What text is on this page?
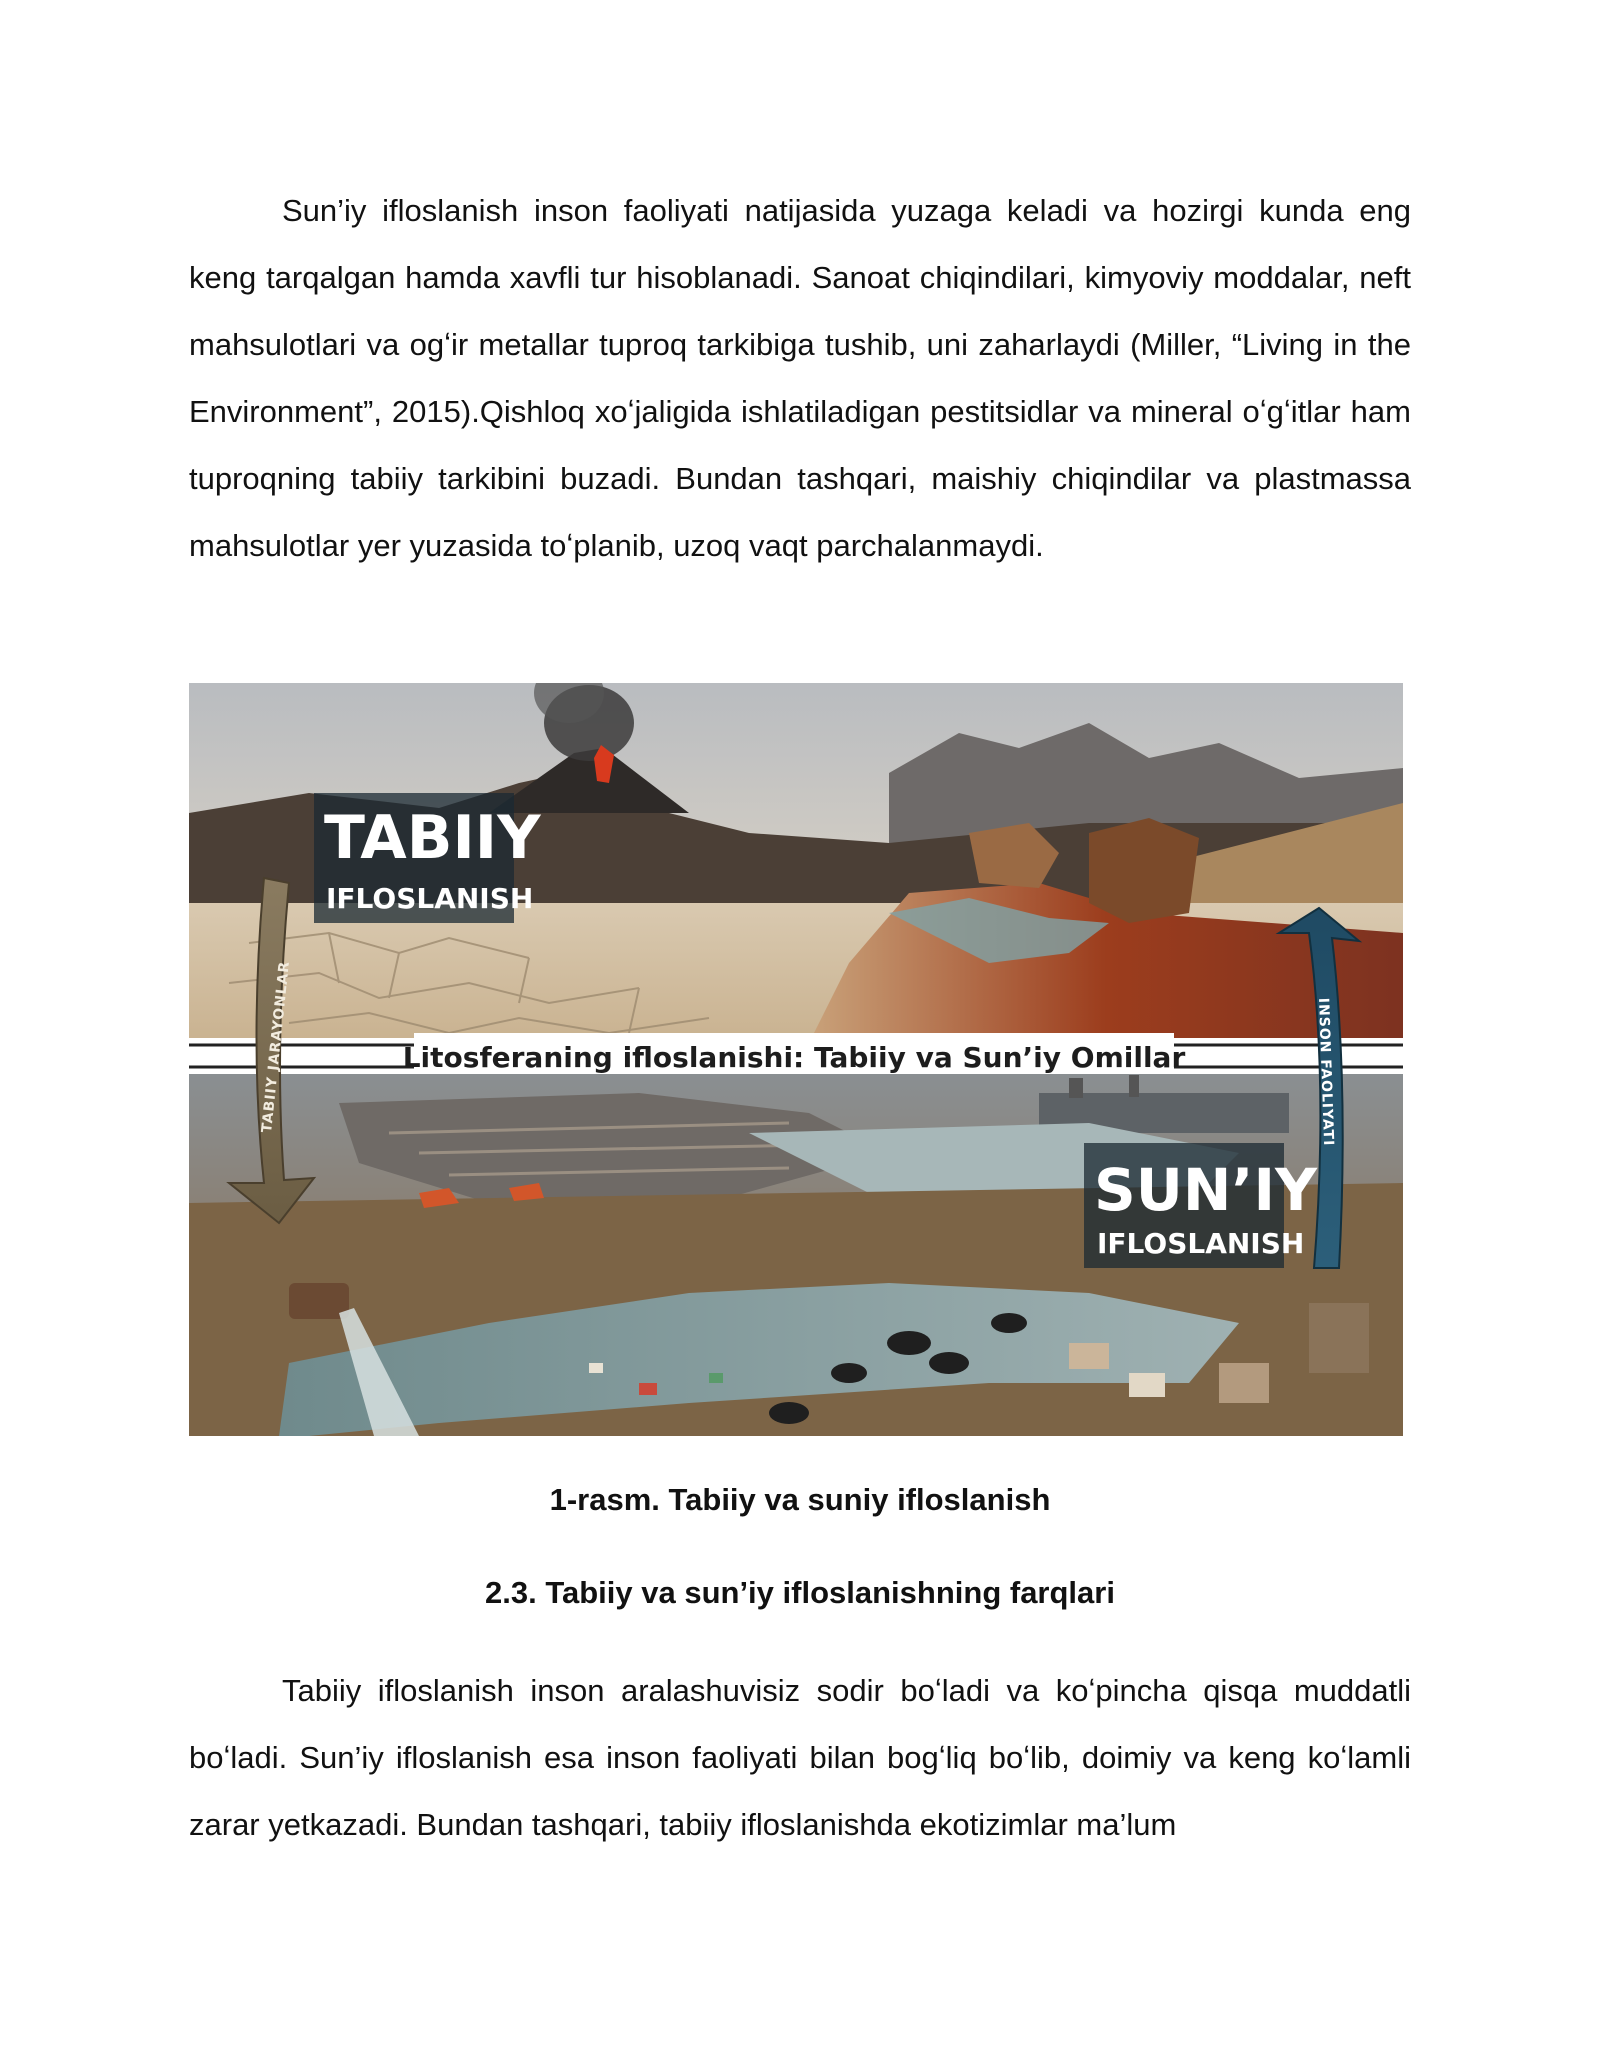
Sun’iy ifloslanish inson faoliyati natijasida yuzaga keladi va hozirgi kunda eng keng tarqalgan hamda xavfli tur hisoblanadi. Sanoat chiqindilari, kimyoviy moddalar, neft mahsulotlari va ogʻir metallar tuproq tarkibiga tushib, uni zaharlaydi (Miller, “Living in the Environment”, 2015).Qishloq xoʻjaligida ishlatiladigan pestitsidlar va mineral oʻgʻitlar ham tuproqning tabiiy tarkibini buzadi. Bundan tashqari, maishiy chiqindilar va plastmassa mahsulotlar yer yuzasida toʻplanib, uzoq vaqt parchalanmaydi.

Litosferaning ifloslanishi: Tabiiy va Sun’iy Omillar
TABIIY JARAYONLAR	INSON FAOLIYATI
TABIIY
IFLOSLANISH
SUN’IY
IFLOSLANISH

1-rasm. Tabiiy va suniy ifloslanish

2.3. Tabiiy va sun’iy ifloslanishning farqlari

Tabiiy ifloslanish inson aralashuvisiz sodir boʻladi va koʻpincha qisqa muddatli boʻladi. Sun’iy ifloslanish esa inson faoliyati bilan bogʻliq boʻlib, doimiy va keng koʻlamli zarar yetkazadi. Bundan tashqari, tabiiy ifloslanishda ekotizimlar ma’lum
